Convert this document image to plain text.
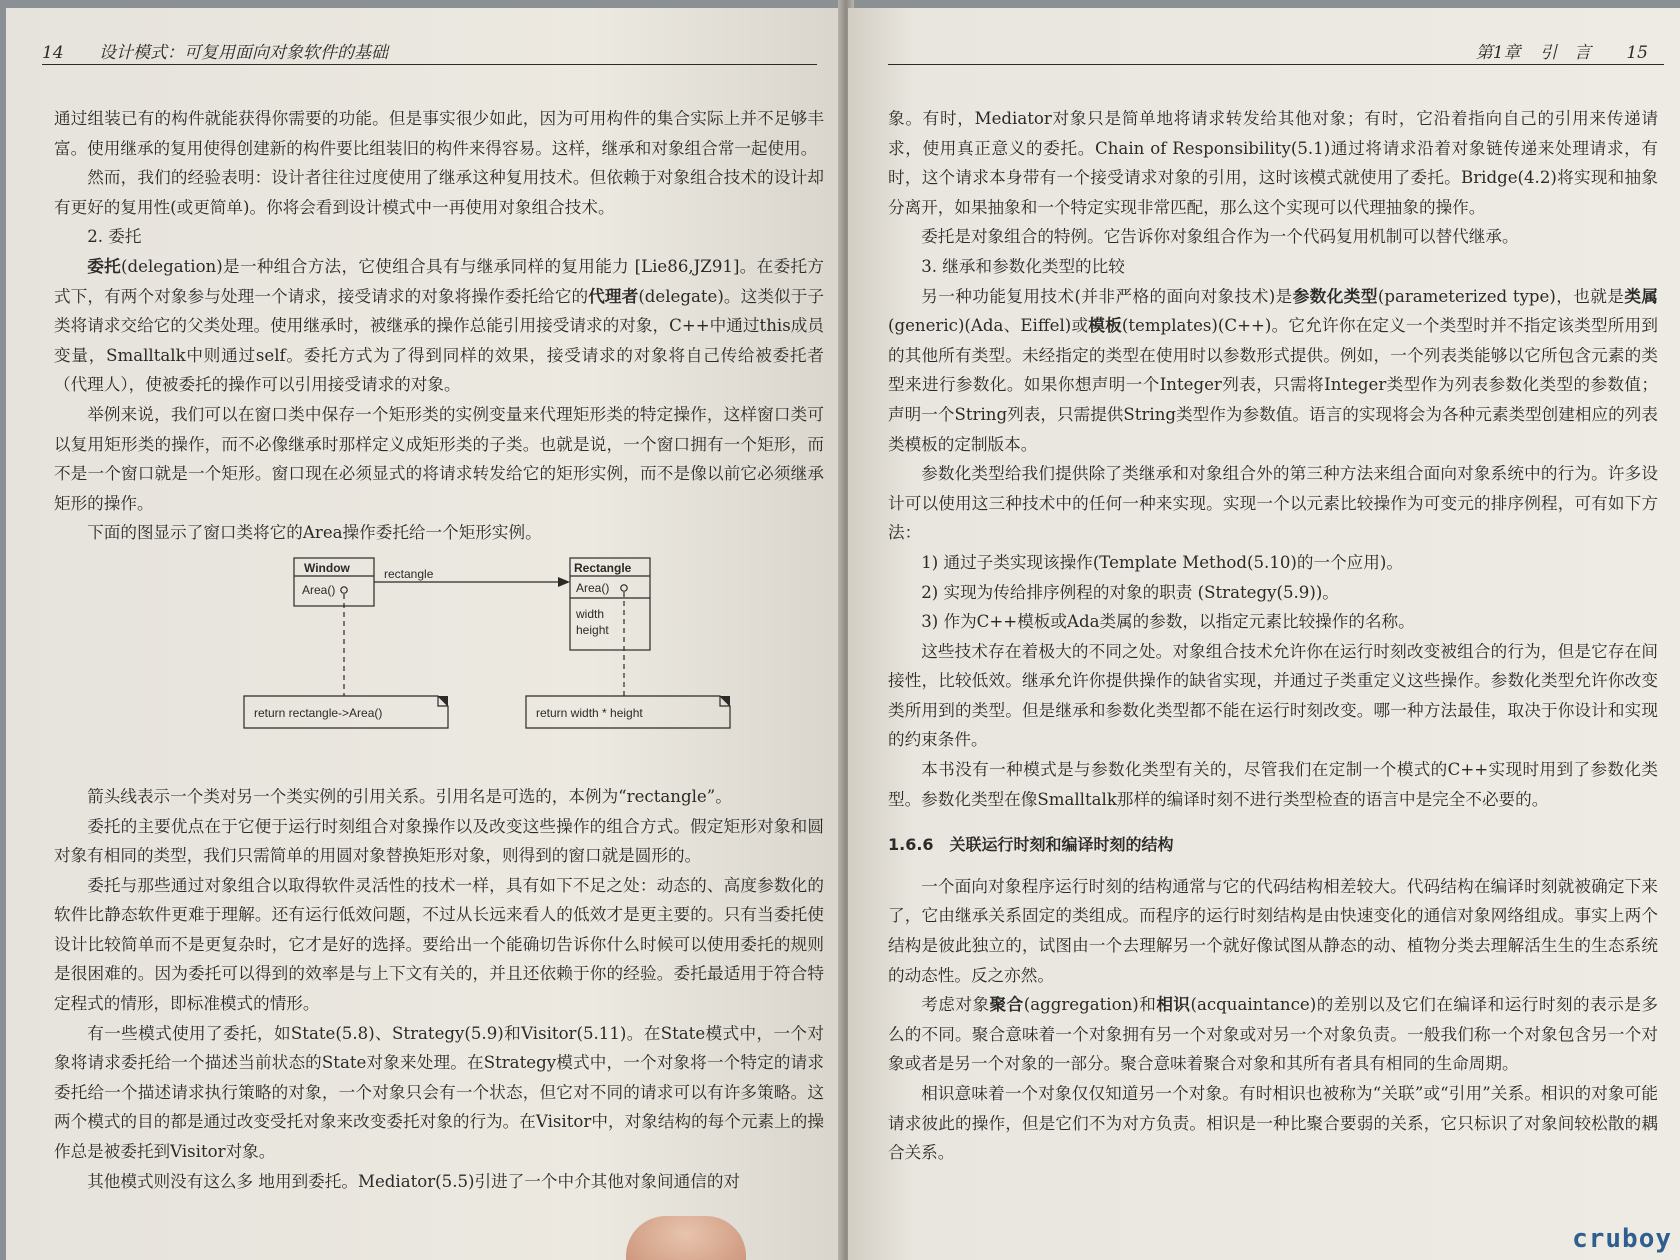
14 设计模式：可复用面向对象软件的基础

通过组装已有的构件就能获得你需要的功能。但是事实很少如此，因为可用构件的集合实际上并不足够丰富。使用继承的复用使得创建新的构件要比组装旧的构件来得容易。这样，继承和对象组合常一起使用。

然而，我们的经验表明：设计者往往过度使用了继承这种复用技术。但依赖于对象组合技术的设计却有更好的复用性(或更简单)。你将会看到设计模式中一再使用对象组合技术。

2. 委托

委托(delegation)是一种组合方法，它使组合具有与继承同样的复用能力 [Lie86,JZ91]。在委托方式下，有两个对象参与处理一个请求，接受请求的对象将操作委托给它的代理者(delegate)。这类似于子类将请求交给它的父类处理。使用继承时，被继承的操作总能引用接受请求的对象，C++中通过this成员变量，Smalltalk中则通过self。委托方式为了得到同样的效果，接受请求的对象将自己传给被委托者（代理人），使被委托的操作可以引用接受请求的对象。

举例来说，我们可以在窗口类中保存一个矩形类的实例变量来代理矩形类的特定操作，这样窗口类可以复用矩形类的操作，而不必像继承时那样定义成矩形类的子类。也就是说，一个窗口拥有一个矩形，而不是一个窗口就是一个矩形。窗口现在必须显式的将请求转发给它的矩形实例，而不是像以前它必须继承矩形的操作。

下面的图显示了窗口类将它的Area操作委托给一个矩形实例。

Window
Area()
rectangle	Rectangle
Area()
width
height
return rectangle->Area()	return width * height

箭头线表示一个类对另一个类实例的引用关系。引用名是可选的，本例为“rectangle”。

委托的主要优点在于它便于运行时刻组合对象操作以及改变这些操作的组合方式。假定矩形对象和圆对象有相同的类型，我们只需简单的用圆对象替换矩形对象，则得到的窗口就是圆形的。

委托与那些通过对象组合以取得软件灵活性的技术一样，具有如下不足之处：动态的、高度参数化的软件比静态软件更难于理解。还有运行低效问题，不过从长远来看人的低效才是更主要的。只有当委托使设计比较简单而不是更复杂时，它才是好的选择。要给出一个能确切告诉你什么时候可以使用委托的规则是很困难的。因为委托可以得到的效率是与上下文有关的，并且还依赖于你的经验。委托最适用于符合特定程式的情形，即标准模式的情形。

有一些模式使用了委托，如State(5.8)、Strategy(5.9)和Visitor(5.11)。在State模式中，一个对象将请求委托给一个描述当前状态的State对象来处理。在Strategy模式中，一个对象将一个特定的请求委托给一个描述请求执行策略的对象，一个对象只会有一个状态，但它对不同的请求可以有许多策略。这两个模式的目的都是通过改变受托对象来改变委托对象的行为。在Visitor中，对象结构的每个元素上的操作总是被委托到Visitor对象。

其他模式则没有这么多 地用到委托。Mediator(5.5)引进了一个中介其他对象间通信的对

第1章 引　言 15

象。有时，Mediator对象只是简单地将请求转发给其他对象；有时，它沿着指向自己的引用来传递请求，使用真正意义的委托。Chain of Responsibility(5.1)通过将请求沿着对象链传递来处理请求，有时，这个请求本身带有一个接受请求对象的引用，这时该模式就使用了委托。Bridge(4.2)将实现和抽象分离开，如果抽象和一个特定实现非常匹配，那么这个实现可以代理抽象的操作。

委托是对象组合的特例。它告诉你对象组合作为一个代码复用机制可以替代继承。

3. 继承和参数化类型的比较

另一种功能复用技术(并非严格的面向对象技术)是参数化类型(parameterized type)，也就是类属(generic)(Ada、Eiffel)或模板(templates)(C++)。它允许你在定义一个类型时并不指定该类型所用到的其他所有类型。未经指定的类型在使用时以参数形式提供。例如，一个列表类能够以它所包含元素的类型来进行参数化。如果你想声明一个Integer列表，只需将Integer类型作为列表参数化类型的参数值；声明一个String列表，只需提供String类型作为参数值。语言的实现将会为各种元素类型创建相应的列表类模板的定制版本。

参数化类型给我们提供除了类继承和对象组合外的第三种方法来组合面向对象系统中的行为。许多设计可以使用这三种技术中的任何一种来实现。实现一个以元素比较操作为可变元的排序例程，可有如下方法：

1) 通过子类实现该操作(Template Method(5.10)的一个应用)。

2) 实现为传给排序例程的对象的职责 (Strategy(5.9))。

3) 作为C++模板或Ada类属的参数，以指定元素比较操作的名称。

这些技术存在着极大的不同之处。对象组合技术允许你在运行时刻改变被组合的行为，但是它存在间接性，比较低效。继承允许你提供操作的缺省实现，并通过子类重定义这些操作。参数化类型允许你改变类所用到的类型。但是继承和参数化类型都不能在运行时刻改变。哪一种方法最佳，取决于你设计和实现的约束条件。

本书没有一种模式是与参数化类型有关的，尽管我们在定制一个模式的C++实现时用到了参数化类型。参数化类型在像Smalltalk那样的编译时刻不进行类型检查的语言中是完全不必要的。

1.6.6　关联运行时刻和编译时刻的结构

一个面向对象程序运行时刻的结构通常与它的代码结构相差较大。代码结构在编译时刻就被确定下来了，它由继承关系固定的类组成。而程序的运行时刻结构是由快速变化的通信对象网络组成。事实上两个结构是彼此独立的，试图由一个去理解另一个就好像试图从静态的动、植物分类去理解活生生的生态系统的动态性。反之亦然。

考虑对象聚合(aggregation)和相识(acquaintance)的差别以及它们在编译和运行时刻的表示是多么的不同。聚合意味着一个对象拥有另一个对象或对另一个对象负责。一般我们称一个对象包含另一个对象或者是另一个对象的一部分。聚合意味着聚合对象和其所有者具有相同的生命周期。

相识意味着一个对象仅仅知道另一个对象。有时相识也被称为“关联”或“引用”关系。相识的对象可能请求彼此的操作，但是它们不为对方负责。相识是一种比聚合要弱的关系，它只标识了对象间较松散的耦合关系。

cruboy
